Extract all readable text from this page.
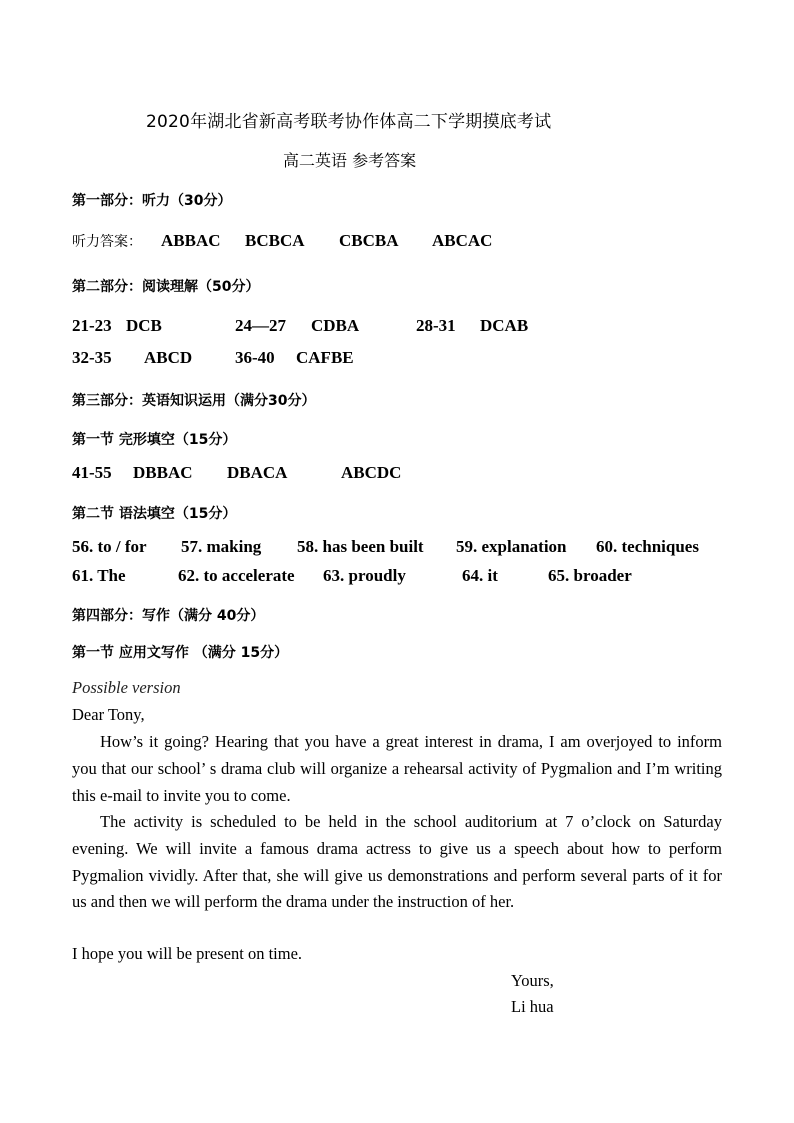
2020年湖北省新高考联考协作体高二下学期摸底考试
高二英语 参考答案
第一部分：听力（30分）
听力答案： ABBAC BCBCA CBCBA ABCAC
第二部分：阅读理解（50分）
21-23 DCB	24—27 CDBA	28-31 DCAB
32-35 ABCD	36-40 CAFBE
第三部分：英语知识运用（满分30分）
第一节 完形填空（15分）
41-55 DBBAC DBACA	ABCDC
第二节 语法填空（15分）
56. to / for 57. making 58. has been built 59. explanation 60. techniques
61. The	62. to accelerate 63. proudly	64. it	65. broader
第四部分：写作（满分 40分）
第一节 应用文写作 （满分 15分）
Possible version
Dear Tony,
How’s it going? Hearing that you have a great interest in drama, I am overjoyed to inform you that our school’ s drama club will organize a rehearsal activity of Pygmalion and I’m writing this e-mail to invite you to come.
The activity is scheduled to be held in the school auditorium at 7 o’clock on Saturday evening. We will invite a famous drama actress to give us a speech about how to perform Pygmalion vividly. After that, she will give us demonstrations and perform several parts of it for us and then we will perform the drama under the instruction of her.
I hope you will be present on time.
Yours,
Li hua
